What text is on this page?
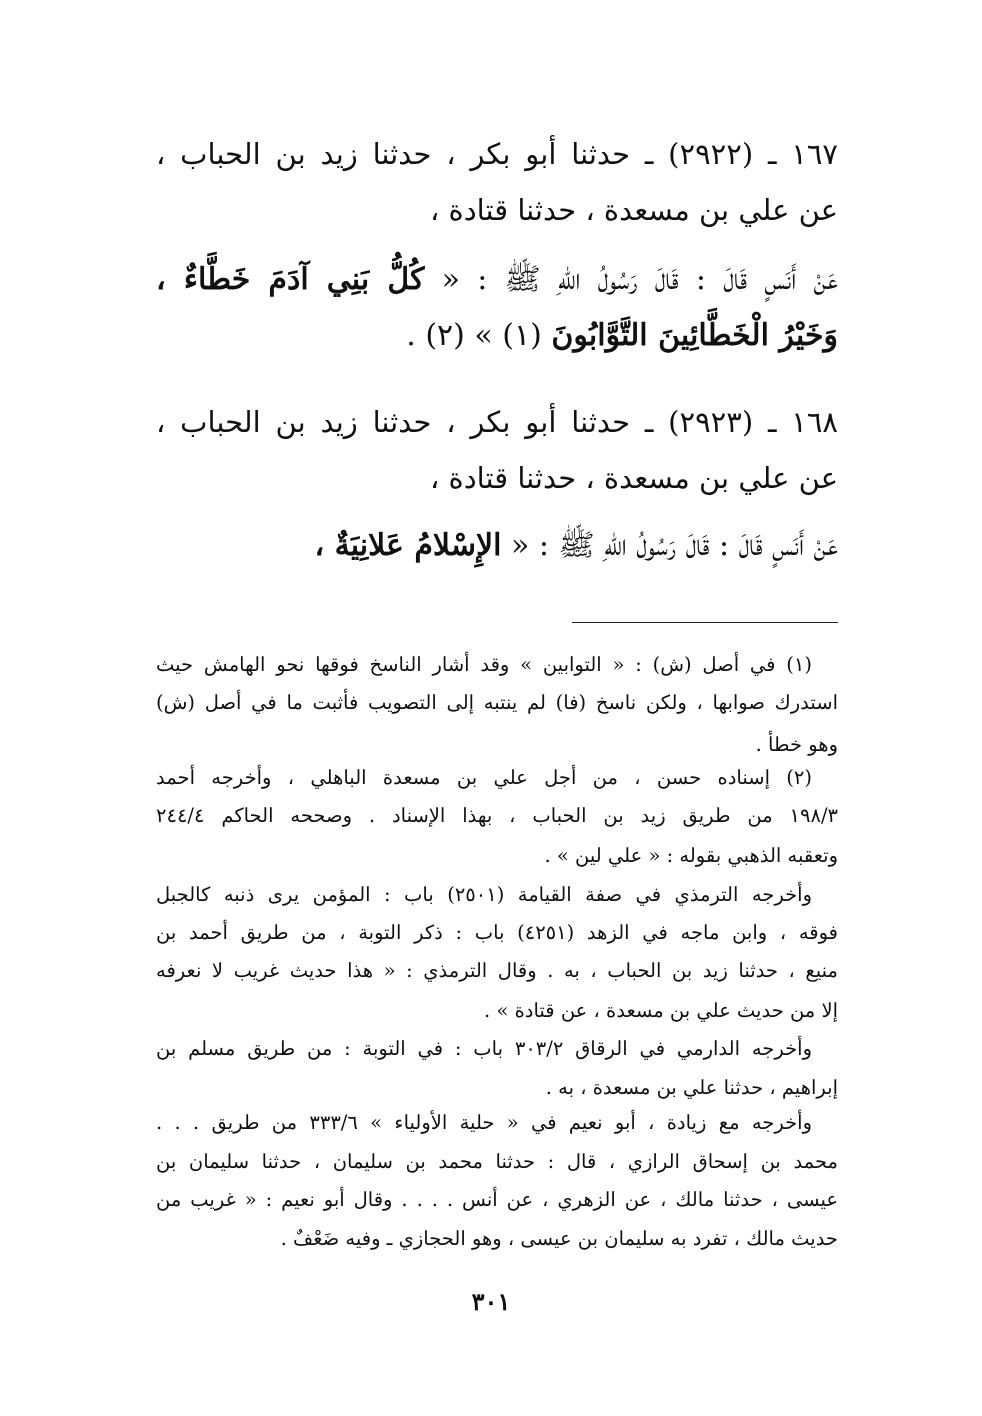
١٦٧ ـ (٢٩٢٢) ـ حدثنا أبو بكر ، حدثنا زيد بن الحباب ،
عن علي بن مسعدة ، حدثنا قتادة ،
عَنْ أَنَسٍ قَالَ : قَالَ رَسُولُ اللهِ ﷺ : « كُلُّ بَنِي آدَمَ خَطَّاءٌ ،
وَخَيْرُ الْخَطَّائِينَ التَّوَّابُونَ (١) » (٢) .
١٦٨ ـ (٢٩٢٣) ـ حدثنا أبو بكر ، حدثنا زيد بن الحباب ،
عن علي بن مسعدة ، حدثنا قتادة ،
عَنْ أَنَسٍ قَالَ : قَالَ رَسُولُ اللهِ ﷺ : « الإِسْلامُ عَلانِيَةٌ ،
(١) في أصل (ش) : « التوابين » وقد أشار الناسخ فوقها نحو الهامش حيث
استدرك صوابها ، ولكن ناسخ (فا) لم ينتبه إلى التصويب فأثبت ما في أصل (ش)
وهو خطأ .
(٢) إسناده حسن ، من أجل علي بن مسعدة الباهلي ، وأخرجه أحمد
١٩٨/٣ من طريق زيد بن الحباب ، بهذا الإسناد . وصححه الحاكم ٢٤٤/٤
وتعقبه الذهبي بقوله : « علي لين » .
وأخرجه الترمذي في صفة القيامة (٢٥٠١) باب : المؤمن يرى ذنبه كالجبل
فوقه ، وابن ماجه في الزهد (٤٢٥١) باب : ذكر التوبة ، من طريق أحمد بن
منيع ، حدثنا زيد بن الحباب ، به . وقال الترمذي : « هذا حديث غريب لا نعرفه
إلا من حديث علي بن مسعدة ، عن قتادة » .
وأخرجه الدارمي في الرقاق ٣٠٣/٢ باب : في التوبة : من طريق مسلم بن
إبراهيم ، حدثنا علي بن مسعدة ، به .
وأخرجه مع زيادة ، أبو نعيم في « حلية الأولياء » ٣٣٣/٦ من طريق . . .
محمد بن إسحاق الرازي ، قال : حدثنا محمد بن سليمان ، حدثنا سليمان بن
عيسى ، حدثنا مالك ، عن الزهري ، عن أنس . . . . وقال أبو نعيم : « غريب من
حديث مالك ، تفرد به سليمان بن عيسى ، وهو الحجازي ـ وفيه ضَعْفٌ .
٣٠١
